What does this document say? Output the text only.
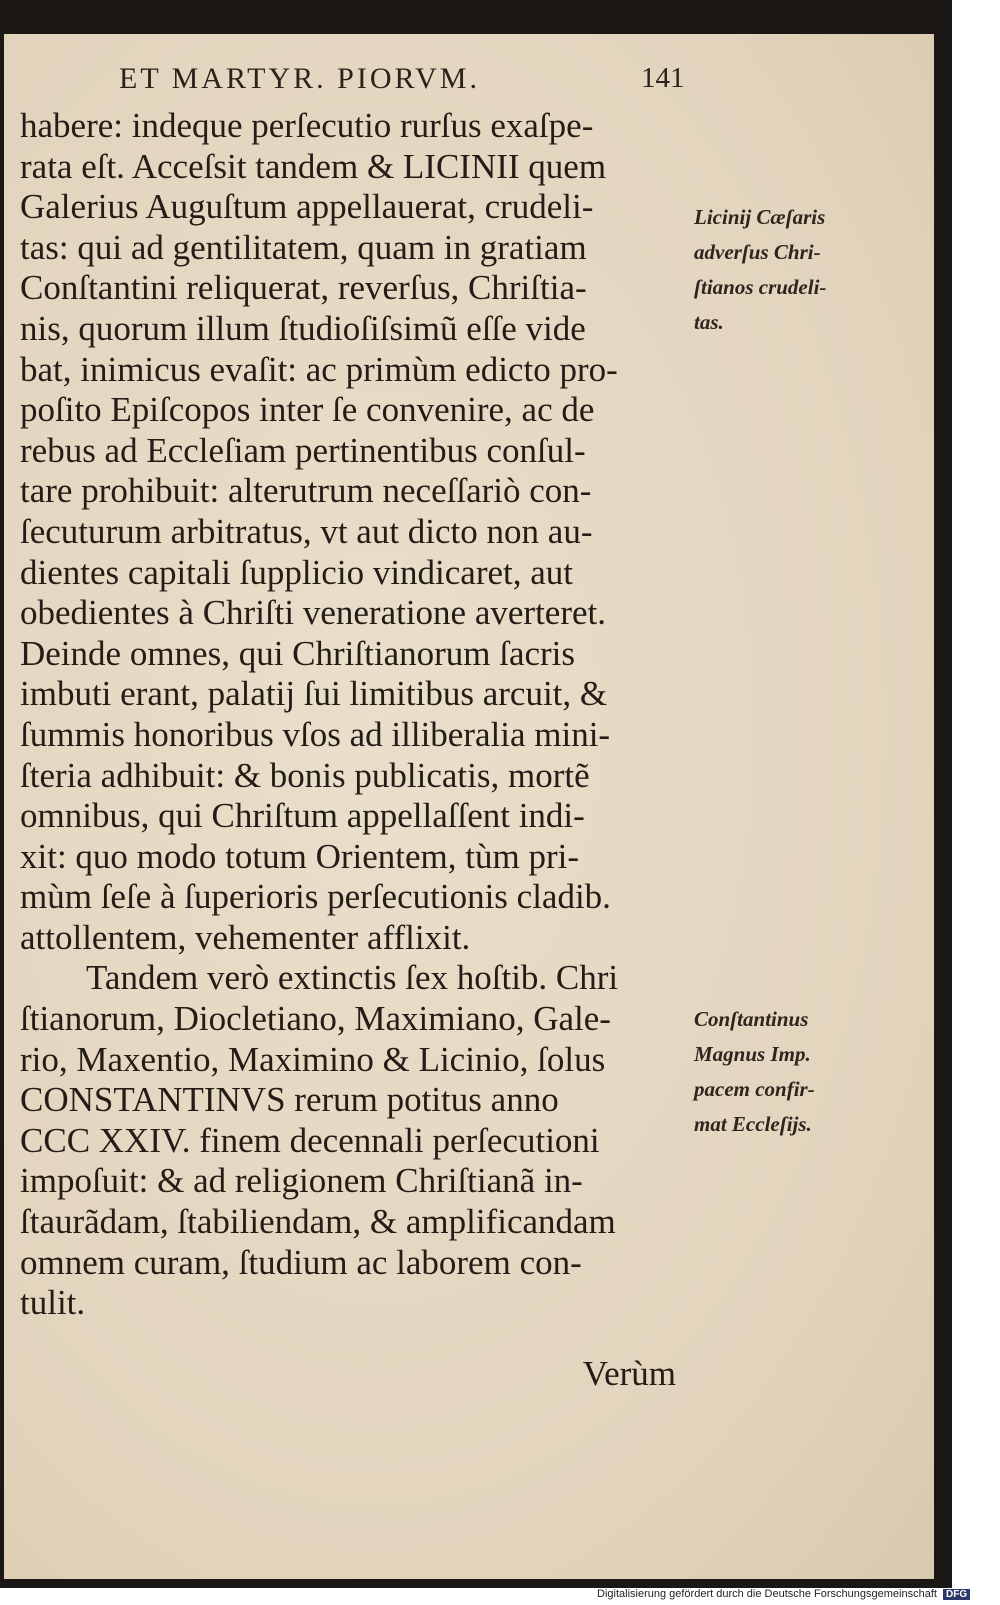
ET MARTYR. PIORVM.	141
habere: indeque perſecutio rurſus exaſpe-
rata eſt. Acceſsit tandem & LICINII quem
Galerius Auguſtum appellauerat, crudeli-
tas: qui ad gentilitatem, quam in gratiam
Conſtantini reliquerat, reverſus, Chriſtia-
nis, quorum illum ſtudioſiſsimũ eſſe vide
bat, inimicus evaſit: ac primùm edicto pro-
poſito Epiſcopos inter ſe convenire, ac de
rebus ad Eccleſiam pertinentibus conſul-
tare prohibuit: alterutrum neceſſariò con-
ſecuturum arbitratus, vt aut dicto non au-
dientes capitali ſupplicio vindicaret, aut
obedientes à Chriſti veneratione averteret.
Deinde omnes, qui Chriſtianorum ſacris
imbuti erant, palatij ſui limitibus arcuit, &
ſummis honoribus vſos ad illiberalia mini-
ſteria adhibuit: & bonis publicatis, mortẽ
omnibus, qui Chriſtum appellaſſent indi-
xit: quo modo totum Orientem, tùm pri-
mùm ſeſe à ſuperioris perſecutionis cladib.
attollentem, vehementer afflixit.
Tandem verò extinctis ſex hoſtib. Chri
ſtianorum, Diocletiano, Maximiano, Gale-
rio, Maxentio, Maximino & Licinio, ſolus
CONSTANTINVS rerum potitus anno
CCC XXIV. finem decennali perſecutioni
impoſuit: & ad religionem Chriſtianã in-
ſtaurãdam, ſtabiliendam, & amplificandam
omnem curam, ſtudium ac laborem con-
tulit.
Verùm
Licinij Cæſaris
adverſus Chri-
ſtianos crudeli-
tas.
Conſtantinus
Magnus Imp.
pacem confir-
mat Eccleſijs.
Digitalisierung gefördert durch die Deutsche Forschungsgemeinschaft DFG
